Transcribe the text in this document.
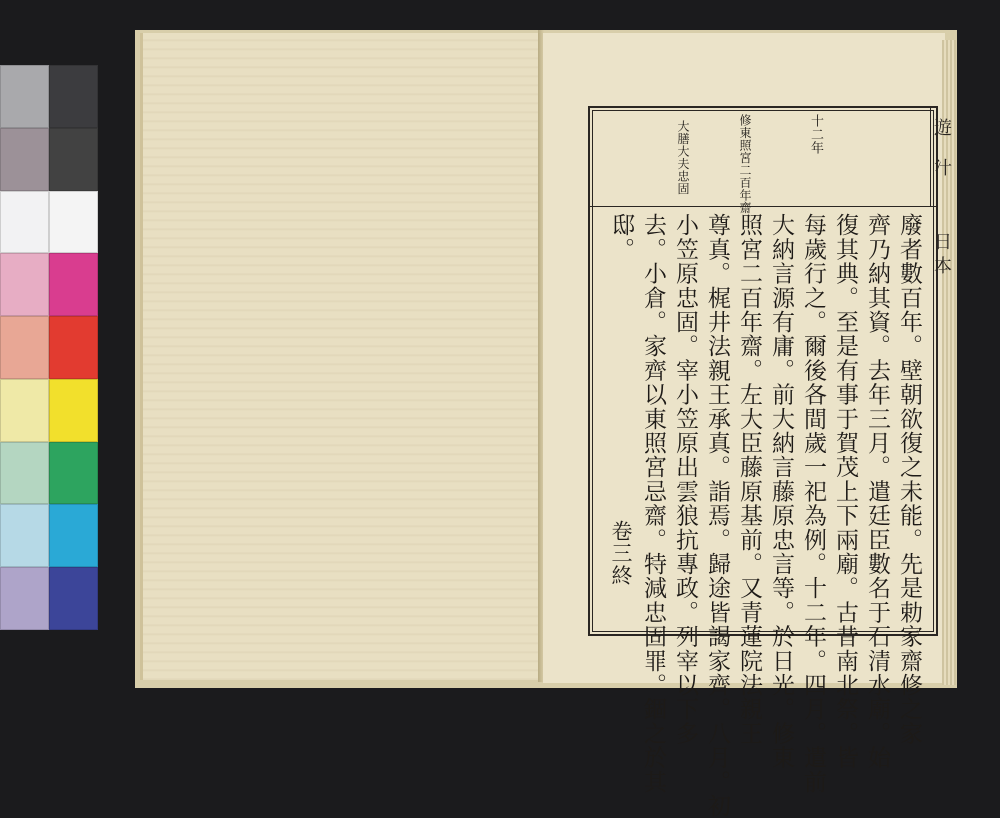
遊
汁
日
本
十二年
修東照宮二百年齋
大膳大夫忠固
廢者數百年。壁朝欲復之未能。先是勅家齋修之家
齊乃納其資。去年三月。遣廷臣數名于石清水廟。始
復其典。至是有事于賀茂上下兩廟。古昔南北祭。皆
每歲行之。爾後各間歲一祀為例。十二年。四月。遣前
大納言源有庸。前大納言藤原忠言等。於日光。修東
照宮二百年齋。左大臣藤原基前。又青蓮院法親王
尊真。梶井法親王承真。詣焉。歸途皆謁家齊。八月。初
小笠原忠固。宰小笠原出雲狼抗專政。列宰以下多
去。小倉。家齊以東照宮忌齋。特減忠固罪。錮之於其
邸。
卷三終
